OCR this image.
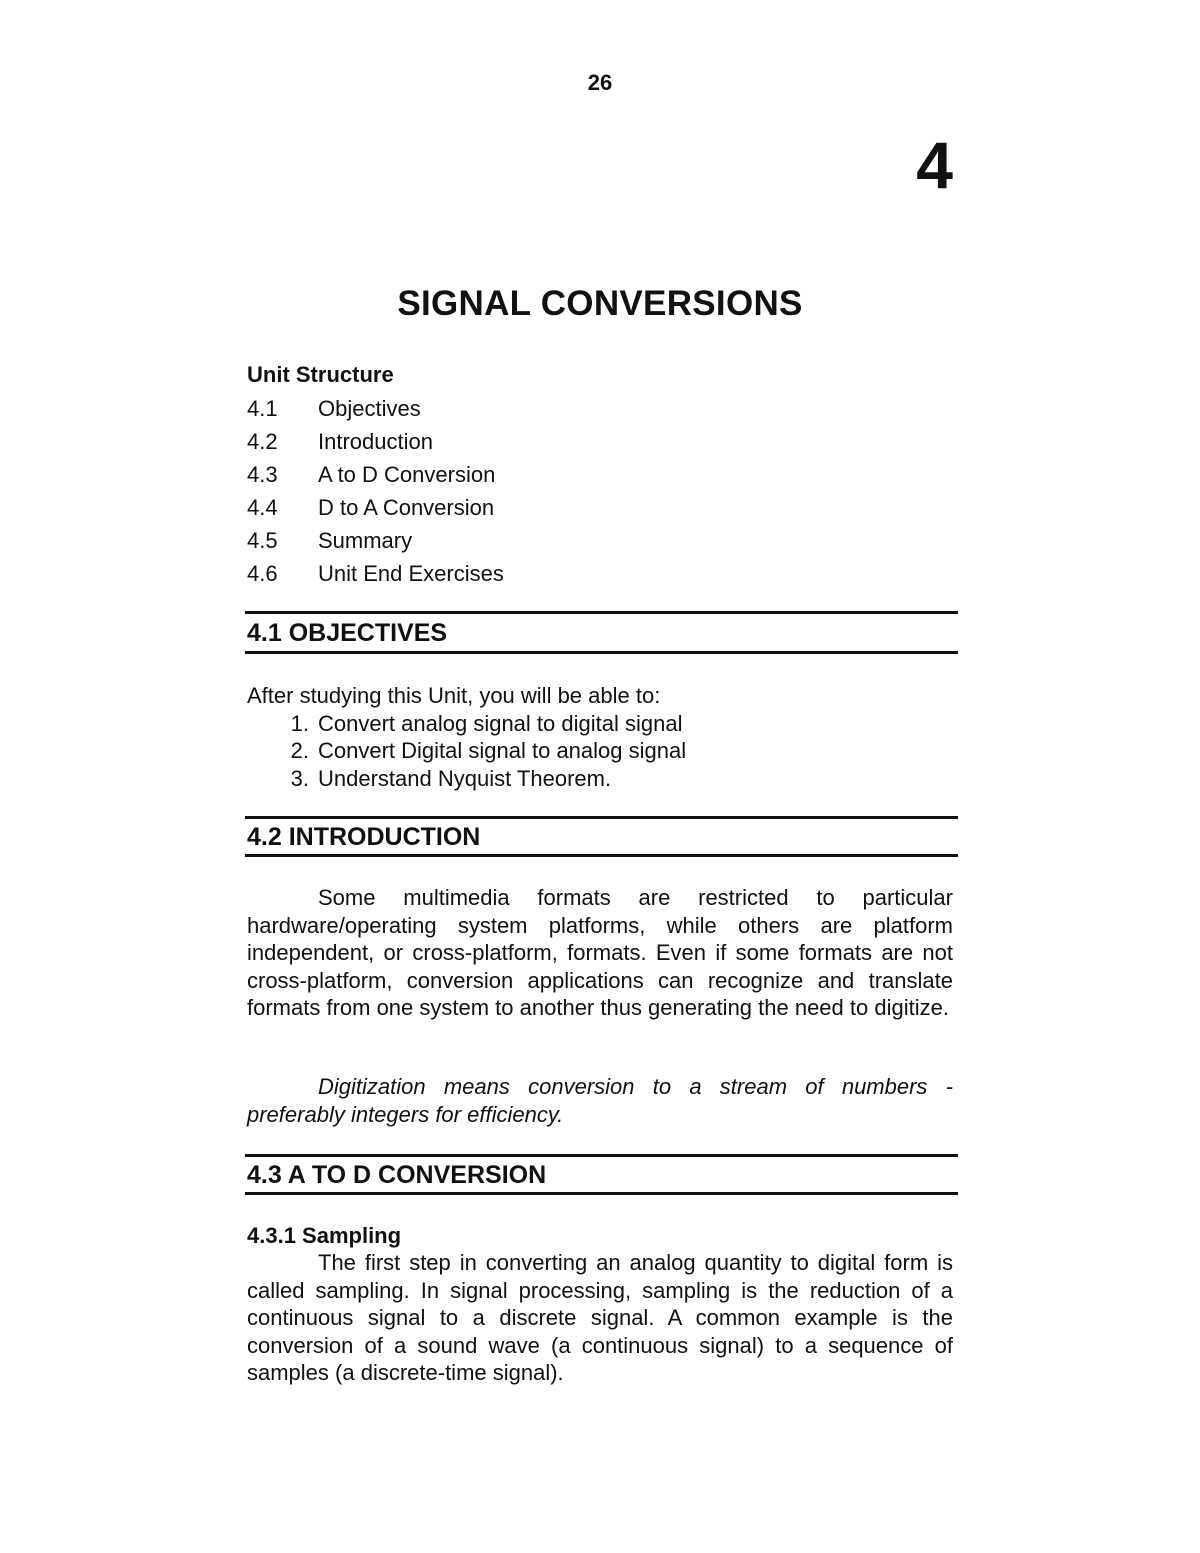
26
4
SIGNAL CONVERSIONS
Unit Structure
4.1	Objectives
4.2	Introduction
4.3	A to D Conversion
4.4	D to A Conversion
4.5	Summary
4.6	Unit End Exercises
4.1 OBJECTIVES
After studying this Unit, you will be able to:
1. Convert analog signal to digital signal
2. Convert Digital signal to analog signal
3. Understand Nyquist Theorem.
4.2 INTRODUCTION
Some multimedia formats are restricted to particular hardware/operating system platforms, while others are platform independent, or cross-platform, formats. Even if some formats are not cross-platform, conversion applications can recognize and translate formats from one system to another thus generating the need to digitize.
Digitization means conversion to a stream of numbers - preferably integers for efficiency.
4.3 A TO D CONVERSION
4.3.1 Sampling
The first step in converting an analog quantity to digital form is called sampling. In signal processing, sampling is the reduction of a continuous signal to a discrete signal. A common example is the conversion of a sound wave (a continuous signal) to a sequence of samples (a discrete-time signal).
